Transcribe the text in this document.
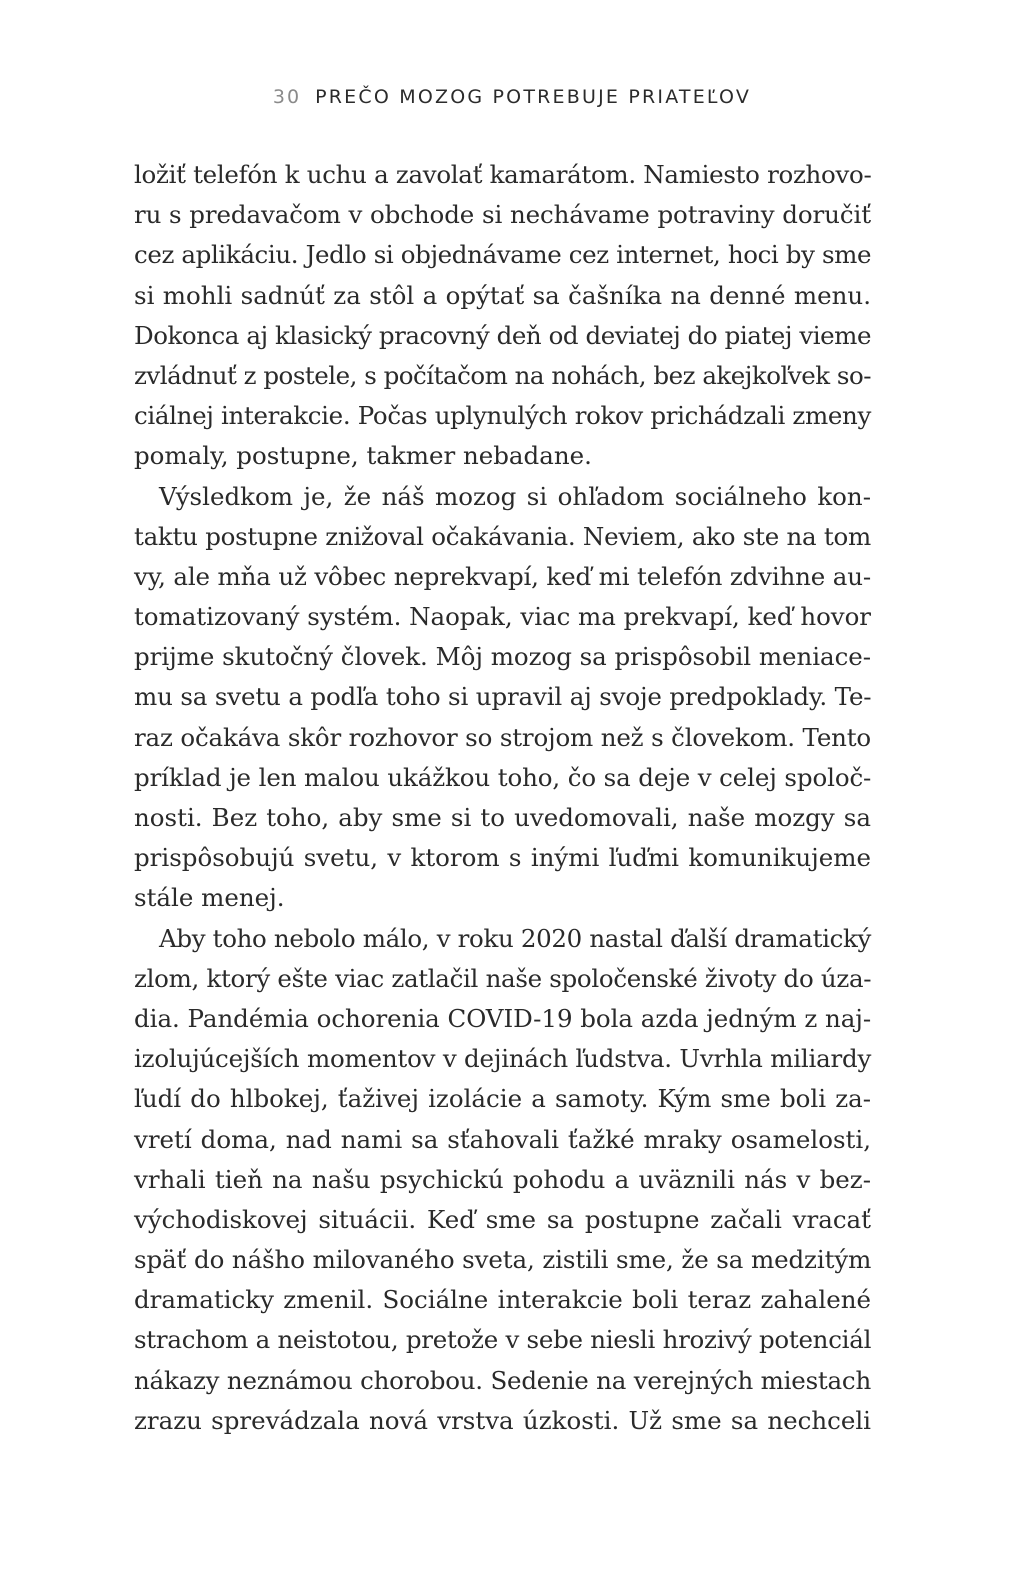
30 PREČO MOZOG POTREBUJE PRIATEĽOV
ložiť telefón k uchu a zavolať kamarátom. Namiesto rozhovo-
ru s predavačom v obchode si nechávame potraviny doručiť
cez aplikáciu. Jedlo si objednávame cez internet, hoci by sme
si mohli sadnúť za stôl a opýtať sa čašníka na denné menu.
Dokonca aj klasický pracovný deň od deviatej do piatej vieme
zvládnuť z postele, s počítačom na nohách, bez akejkoľvek so-
ciálnej interakcie. Počas uplynulých rokov prichádzali zmeny
pomaly, postupne, takmer nebadane.
Výsledkom je, že náš mozog si ohľadom sociálneho kon-
taktu postupne znižoval očakávania. Neviem, ako ste na tom
vy, ale mňa už vôbec neprekvapí, keď mi telefón zdvihne au-
tomatizovaný systém. Naopak, viac ma prekvapí, keď hovor
prijme skutočný človek. Môj mozog sa prispôsobil meniace-
mu sa svetu a podľa toho si upravil aj svoje predpoklady. Te-
raz očakáva skôr rozhovor so strojom než s človekom. Tento
príklad je len malou ukážkou toho, čo sa deje v celej spoloč-
nosti. Bez toho, aby sme si to uvedomovali, naše mozgy sa
prispôsobujú svetu, v ktorom s inými ľuďmi komunikujeme
stále menej.
Aby toho nebolo málo, v roku 2020 nastal ďalší dramatický
zlom, ktorý ešte viac zatlačil naše spoločenské životy do úza-
dia. Pandémia ochorenia COVID-19 bola azda jedným z naj-
izolujúcejších momentov v dejinách ľudstva. Uvrhla miliardy
ľudí do hlbokej, ťaživej izolácie a samoty. Kým sme boli za-
vretí doma, nad nami sa sťahovali ťažké mraky osamelosti,
vrhali tieň na našu psychickú pohodu a uväznili nás v bez-
východiskovej situácii. Keď sme sa postupne začali vracať
späť do nášho milovaného sveta, zistili sme, že sa medzitým
dramaticky zmenil. Sociálne interakcie boli teraz zahalené
strachom a neistotou, pretože v sebe niesli hrozivý potenciál
nákazy neznámou chorobou. Sedenie na verejných miestach
zrazu sprevádzala nová vrstva úzkosti. Už sme sa nechceli
